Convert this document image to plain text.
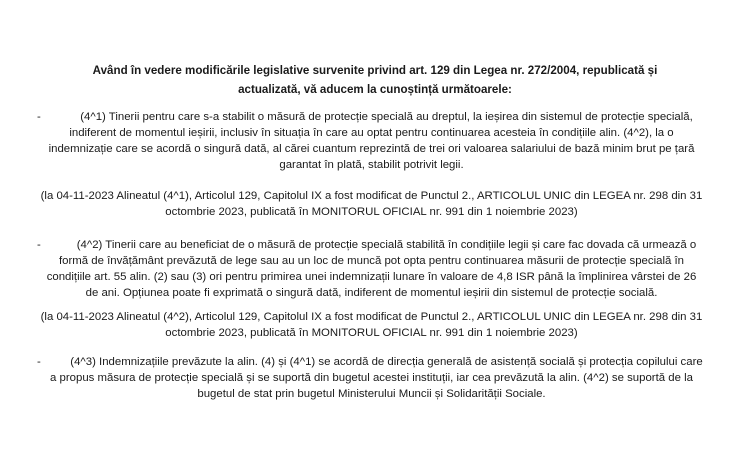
Având în vedere modificările legislative survenite privind art. 129 din Legea nr. 272/2004, republicată și actualizată, vă aducem la cunoștință următoarele:

-	(4^1) Tinerii pentru care s-a stabilit o măsură de protecție specială au dreptul, la ieșirea din sistemul de protecție specială, indiferent de momentul ieșirii, inclusiv în situația în care au optat pentru continuarea acesteia în condițiile alin. (4^2), la o indemnizație care se acordă o singură dată, al cărei cuantum reprezintă de trei ori valoarea salariului de bază minim brut pe țară garantat în plată, stabilit potrivit legii.

(la 04-11-2023 Alineatul (4^1), Articolul 129, Capitolul IX a fost modificat de Punctul 2., ARTICOLUL UNIC din LEGEA nr. 298 din 31 octombrie 2023, publicată în MONITORUL OFICIAL nr. 991 din 1 noiembrie 2023)

-	(4^2) Tinerii care au beneficiat de o măsură de protecție specială stabilită în condițiile legii și care fac dovada că urmează o formă de învățământ prevăzută de lege sau au un loc de muncă pot opta pentru continuarea măsurii de protecție specială în condițiile art. 55 alin. (2) sau (3) ori pentru primirea unei indemnizații lunare în valoare de 4,8 ISR până la împlinirea vârstei de 26 de ani. Opțiunea poate fi exprimată o singură dată, indiferent de momentul ieșirii din sistemul de protecție socială.

(la 04-11-2023 Alineatul (4^2), Articolul 129, Capitolul IX a fost modificat de Punctul 2., ARTICOLUL UNIC din LEGEA nr. 298 din 31 octombrie 2023, publicată în MONITORUL OFICIAL nr. 991 din 1 noiembrie 2023)

-	(4^3) Indemnizațiile prevăzute la alin. (4) și (4^1) se acordă de direcția generală de asistență socială și protecția copilului care a propus măsura de protecție specială și se suportă din bugetul acestei instituții, iar cea prevăzută la alin. (4^2) se suportă de la bugetul de stat prin bugetul Ministerului Muncii și Solidarității Sociale.
